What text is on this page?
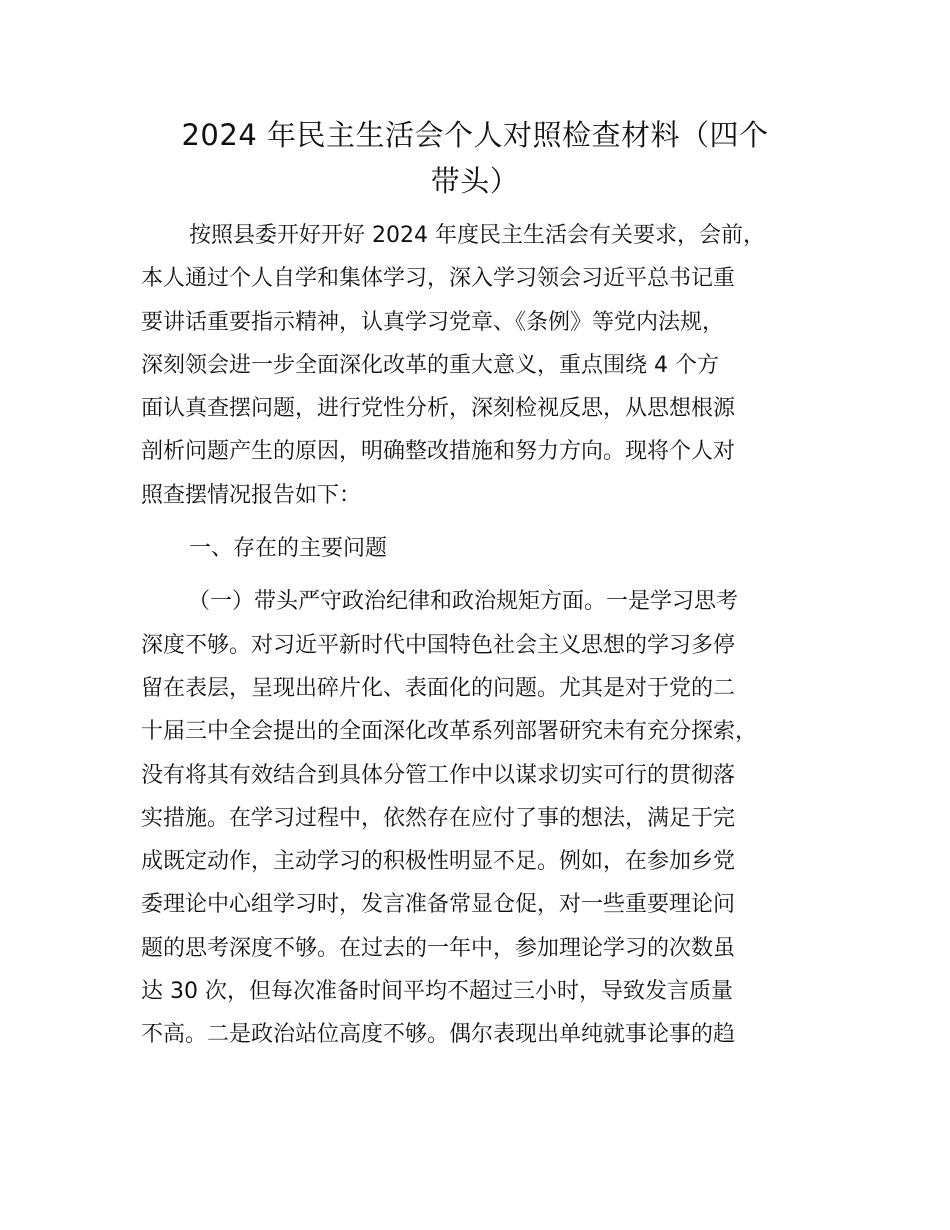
2024 年民主生活会个人对照检查材料（四个
带头）
按照县委开好开好 2024 年度民主生活会有关要求，会前，
本人通过个人自学和集体学习，深入学习领会习近平总书记重
要讲话重要指示精神，认真学习党章、《条例》等党内法规，
深刻领会进一步全面深化改革的重大意义，重点围绕 4 个方
面认真查摆问题，进行党性分析，深刻检视反思，从思想根源
剖析问题产生的原因，明确整改措施和努力方向。现将个人对
照查摆情况报告如下：
一、存在的主要问题
（一）带头严守政治纪律和政治规矩方面。一是学习思考
深度不够。对习近平新时代中国特色社会主义思想的学习多停
留在表层，呈现出碎片化、表面化的问题。尤其是对于党的二
十届三中全会提出的全面深化改革系列部署研究未有充分探索，
没有将其有效结合到具体分管工作中以谋求切实可行的贯彻落
实措施。在学习过程中，依然存在应付了事的想法，满足于完
成既定动作，主动学习的积极性明显不足。例如，在参加乡党
委理论中心组学习时，发言准备常显仓促，对一些重要理论问
题的思考深度不够。在过去的一年中，参加理论学习的次数虽
达 30 次，但每次准备时间平均不超过三小时，导致发言质量
不高。二是政治站位高度不够。偶尔表现出单纯就事论事的趋
